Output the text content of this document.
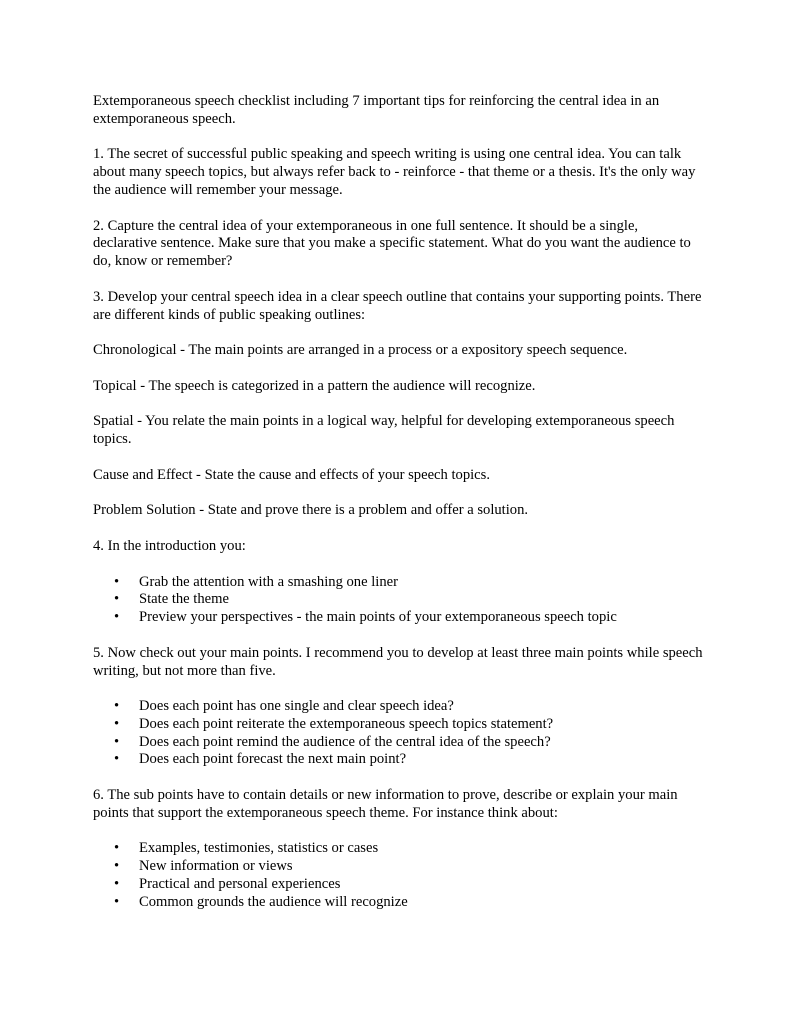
Extemporaneous speech checklist including 7 important tips for reinforcing the central idea in an extemporaneous speech.

1. The secret of successful public speaking and speech writing is using one central idea. You can talk about many speech topics, but always refer back to - reinforce - that theme or a thesis. It's the only way the audience will remember your message.

2. Capture the central idea of your extemporaneous in one full sentence. It should be a single, declarative sentence. Make sure that you make a specific statement. What do you want the audience to do, know or remember?

3. Develop your central speech idea in a clear speech outline that contains your supporting points. There are different kinds of public speaking outlines:

Chronological - The main points are arranged in a process or a expository speech sequence.

Topical - The speech is categorized in a pattern the audience will recognize.

Spatial - You relate the main points in a logical way, helpful for developing extemporaneous speech topics.

Cause and Effect - State the cause and effects of your speech topics.

Problem Solution - State and prove there is a problem and offer a solution.

4. In the introduction you:

• Grab the attention with a smashing one liner
• State the theme
• Preview your perspectives - the main points of your extemporaneous speech topic

5. Now check out your main points. I recommend you to develop at least three main points while speech writing, but not more than five.

• Does each point has one single and clear speech idea?
• Does each point reiterate the extemporaneous speech topics statement?
• Does each point remind the audience of the central idea of the speech?
• Does each point forecast the next main point?

6. The sub points have to contain details or new information to prove, describe or explain your main points that support the extemporaneous speech theme. For instance think about:

• Examples, testimonies, statistics or cases
• New information or views
• Practical and personal experiences
• Common grounds the audience will recognize
